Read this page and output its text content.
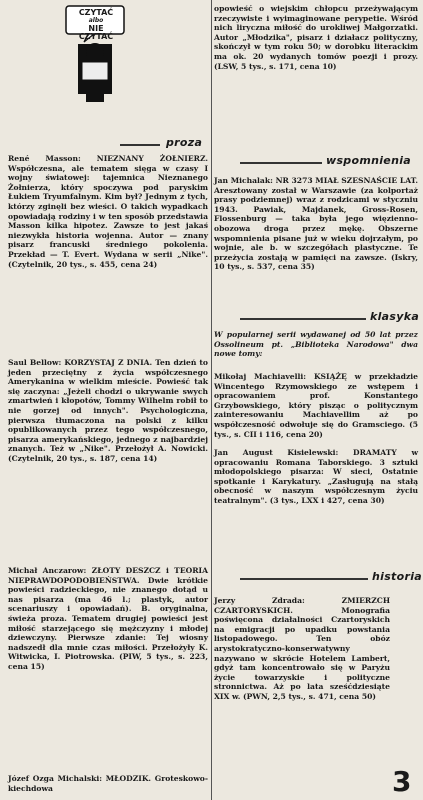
CZYTAĆ
albo
NIE CZYTAĆ
proza

René Masson: NIEZNANY ŻOŁNIERZ. Współczesna, ale tematem sięga w czasy I wojny światowej: tajemnica Nieznanego Żołnierza, który spoczywa pod paryskim Łukiem Tryumfalnym. Kim był? Jednym z tych, którzy zginęli bez wieści. O takich wypadkach opowiadają rodziny i w ten sposób przedstawia Masson kilka hipotez. Zawsze to jest jakaś niezwykła historia wojenna. Autor — znany pisarz francuski średniego pokolenia. Przekład — T. Evert. Wydana w serii „Nike". (Czytelnik, 20 tys., s. 455, cena 24)

Saul Bellow: KORZYSTAJ Z DNIA. Ten dzień to jeden przeciętny z życia współczesnego Amerykanina w wielkim mieście. Powieść tak się zaczyna: „Jeżeli chodzi o ukrywanie swych zmartwień i kłopotów, Tommy Wilhelm robił to nie gorzej od innych". Psychologiczna, pierwsza tłumaczona na polski z kilku opublikowanych przez tego współczesnego, pisarza amerykańskiego, jednego z najbardziej znanych. Też w „Nike". Przełożył A. Nowicki. (Czytelnik, 20 tys., s. 187, cena 14)

Michał Anczarow: ZŁOTY DESZCZ i TEORIA NIEPRAWDOPODOBIEŃSTWA. Dwie krótkie powieści radzieckiego, nie znanego dotąd u nas pisarza (ma 46 l.; plastyk, autor scenariuszy i opowiadań). B. oryginalna, świeża proza. Tematem drugiej powieści jest miłość starzejącego się mężczyzny i młodej dziewczyny. Pierwsze zdanie: Tej wiosny nadszedł dla mnie czas miłości. Przełożyły K. Witwicka, I. Piotrowska. (PIW, 5 tys., s. 223, cena 15)

Józef Ozga Michalski: MŁODZIK. Groteskowo-kiechdowa

opowieść o wiejskim chłopcu przeżywającym rzeczywiste i wyimaginowane perypetie. Wśród nich liryczna miłość do urokliwej Małgorzatki. Autor „Młodzika", pisarz i działacz polityczny, skończył w tym roku 50; w dorobku literackim ma ok. 20 wydanych tomów poezji i prozy. (LSW, 5 tys., s. 171, cena 10)

wspomnienia

Jan Michalak: NR 3273 MIAŁ SZESNAŚCIE LAT. Aresztowany został w Warszawie (za kolportaż prasy podziemnej) wraz z rodzicami w styczniu 1943. Pawiak, Majdanek, Gross-Rosen, Flossenburg — taka była jego więzienno-obozowa droga przez mękę. Obszerne wspomnienia pisane już w wieku dojrzałym, po wojnie, ale b. w szczegółach plastyczne. Te przeżycia zostają w pamięci na zawsze. (Iskry, 10 tys., s. 537, cena 35)

klasyka

W popularnej serii wydawanej od 50 lat przez Ossolineum pt. „Biblioteka Narodowa" dwa nowe tomy:

Mikołaj Machiavelli: KSIĄŻĘ w przekładzie Wincentego Rzymowskiego ze wstępem i opracowaniem prof. Konstantego Grzybowskiego, który pisząc o politycznym zainteresowaniu Machiavellim aż po współczesność odwołuje się do Gramsciego. (5 tys., s. CII i 116, cena 20)

Jan August Kisielewski: DRAMATY w opracowaniu Romana Taborskiego. 3 sztuki młodopolskiego pisarza: W sieci, Ostatnie spotkanie i Karykatury. „Zasługują na stałą obecność w naszym współczesnym życiu teatralnym". (3 tys., LXX i 427, cena 30)

historia

Jerzy Zdrada: ZMIERZCH CZARTORYSKICH. Monografia poświęcona działalności Czartoryskich na emigracji po upadku powstania listopadowego. Ten obóz arystokratyczno-konserwatywny nazywano w skrócie Hotelem Lambert, gdyż tam koncentrowało się w Paryżu życie towarzyskie i polityczne stronnictwa. Aż po lata sześćdziesiąte XIX w. (PWN, 2,5 tys., s. 471, cena 50)

3
